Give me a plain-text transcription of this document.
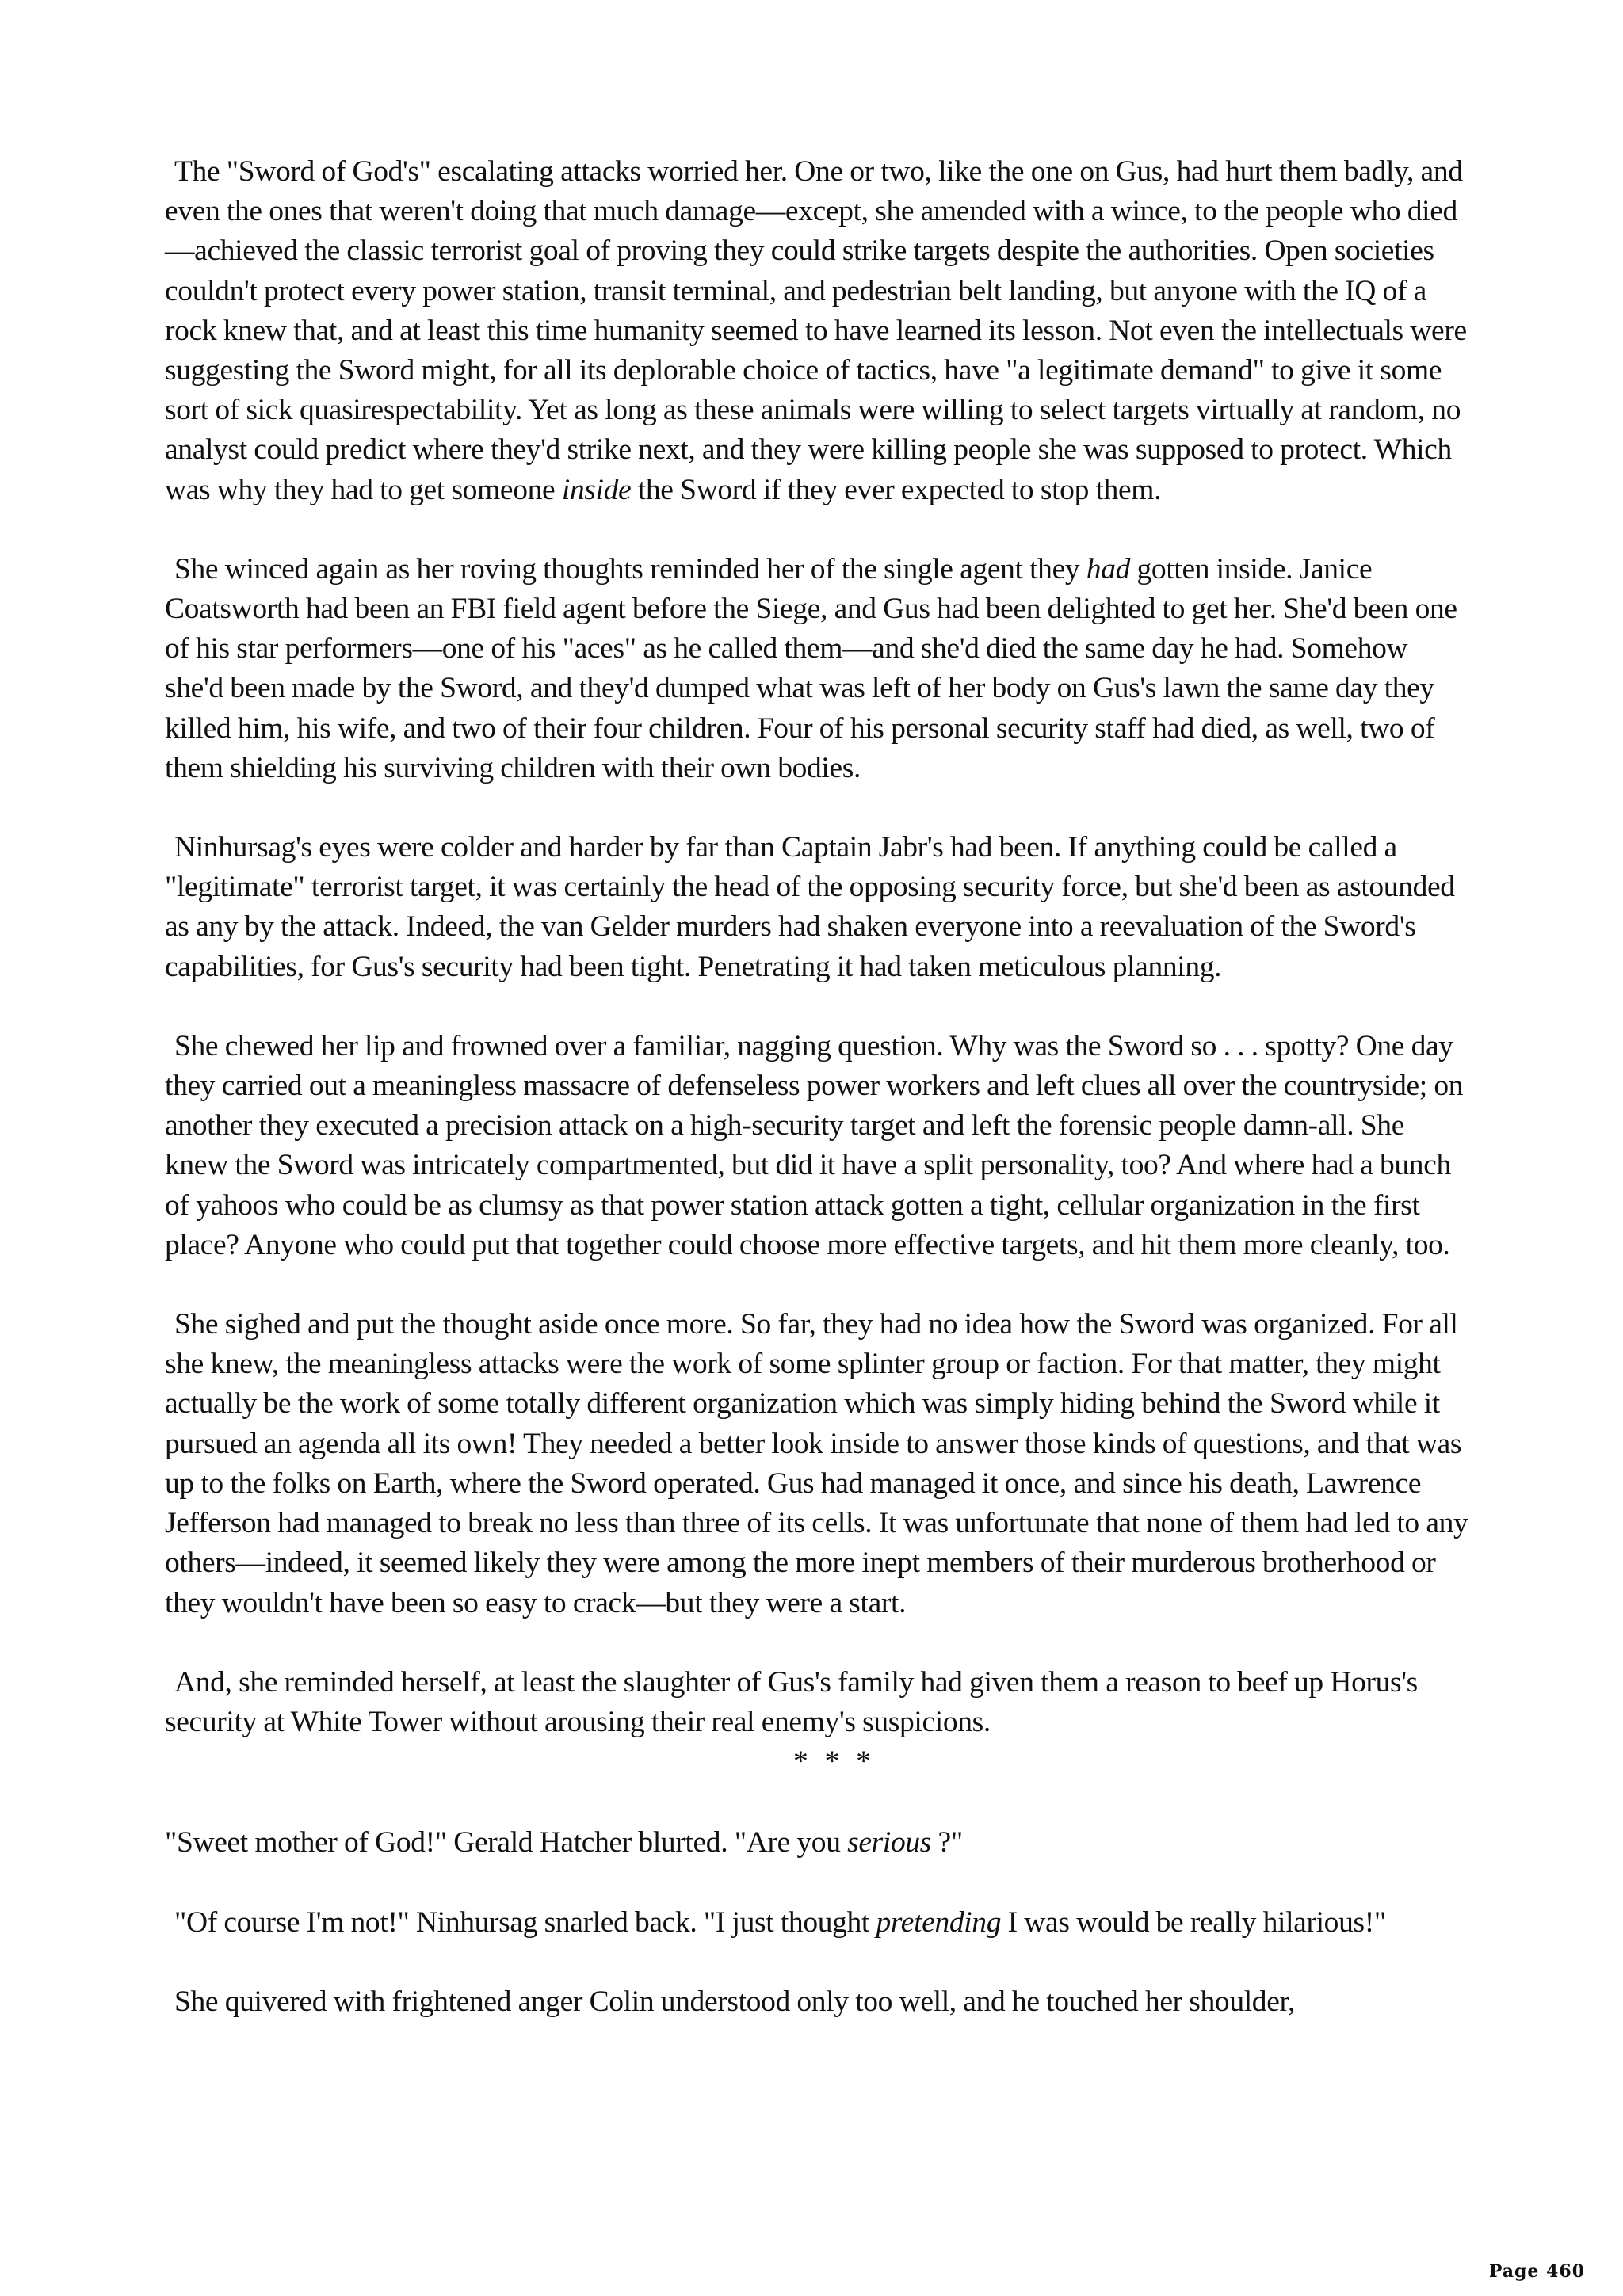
The "Sword of God's" escalating attacks worried her. One or two, like the one on Gus, had hurt them badly, and even the ones that weren't doing that much damage—except, she amended with a wince, to the people who died—achieved the classic terrorist goal of proving they could strike targets despite the authorities. Open societies couldn't protect every power station, transit terminal, and pedestrian belt landing, but anyone with the IQ of a rock knew that, and at least this time humanity seemed to have learned its lesson. Not even the intellectuals were suggesting the Sword might, for all its deplorable choice of tactics, have "a legitimate demand" to give it some sort of sick quasirespectability. Yet as long as these animals were willing to select targets virtually at random, no analyst could predict where they'd strike next, and they were killing people she was supposed to protect. Which was why they had to get someone inside the Sword if they ever expected to stop them.

She winced again as her roving thoughts reminded her of the single agent they had gotten inside. Janice Coatsworth had been an FBI field agent before the Siege, and Gus had been delighted to get her. She'd been one of his star performers—one of his "aces" as he called them—and she'd died the same day he had. Somehow she'd been made by the Sword, and they'd dumped what was left of her body on Gus's lawn the same day they killed him, his wife, and two of their four children. Four of his personal security staff had died, as well, two of them shielding his surviving children with their own bodies.

Ninhursag's eyes were colder and harder by far than Captain Jabr's had been. If anything could be called a "legitimate" terrorist target, it was certainly the head of the opposing security force, but she'd been as astounded as any by the attack. Indeed, the van Gelder murders had shaken everyone into a reevaluation of the Sword's capabilities, for Gus's security had been tight. Penetrating it had taken meticulous planning.

She chewed her lip and frowned over a familiar, nagging question. Why was the Sword so . . . spotty? One day they carried out a meaningless massacre of defenseless power workers and left clues all over the countryside; on another they executed a precision attack on a high-security target and left the forensic people damn-all. She knew the Sword was intricately compartmented, but did it have a split personality, too? And where had a bunch of yahoos who could be as clumsy as that power station attack gotten a tight, cellular organization in the first place? Anyone who could put that together could choose more effective targets, and hit them more cleanly, too.

She sighed and put the thought aside once more. So far, they had no idea how the Sword was organized. For all she knew, the meaningless attacks were the work of some splinter group or faction. For that matter, they might actually be the work of some totally different organization which was simply hiding behind the Sword while it pursued an agenda all its own! They needed a better look inside to answer those kinds of questions, and that was up to the folks on Earth, where the Sword operated. Gus had managed it once, and since his death, Lawrence Jefferson had managed to break no less than three of its cells. It was unfortunate that none of them had led to any others—indeed, it seemed likely they were among the more inept members of their murderous brotherhood or they wouldn't have been so easy to crack—but they were a start.

And, she reminded herself, at least the slaughter of Gus's family had given them a reason to beef up Horus's security at White Tower without arousing their real enemy's suspicions.

* * *

"Sweet mother of God!" Gerald Hatcher blurted. "Are you serious ?"

"Of course I'm not!" Ninhursag snarled back. "I just thought pretending I was would be really hilarious!"

She quivered with frightened anger Colin understood only too well, and he touched her shoulder,

Page 460
